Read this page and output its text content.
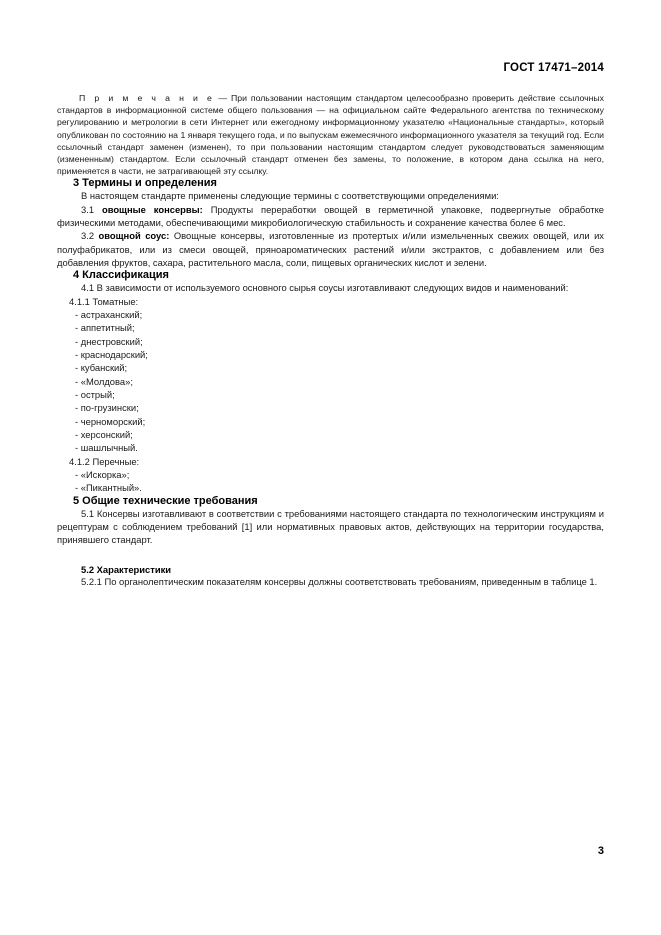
ГОСТ 17471–2014

П р и м е ч а н и е — При пользовании настоящим стандартом целесообразно проверить действие ссылочных стандартов в информационной системе общего пользования — на официальном сайте Федерального агентства по техническому регулированию и метрологии в сети Интернет или ежегодному информационному указателю «Национальные стандарты», который опубликован по состоянию на 1 января текущего года, и по выпускам ежемесячного информационного указателя за текущий год. Если ссылочный стандарт заменен (изменен), то при пользовании настоящим стандартом следует руководствоваться заменяющим (измененным) стандартом. Если ссылочный стандарт отменен без замены, то положение, в котором дана ссылка на него, применяется в части, не затрагивающей эту ссылку.

3 Термины и определения

В настоящем стандарте применены следующие термины с соответствующими определениями:

3.1 овощные консервы: Продукты переработки овощей в герметичной упаковке, подвергнутые обработке физическими методами, обеспечивающими микробиологическую стабильность и сохранение качества более 6 мес.

3.2 овощной соус: Овощные консервы, изготовленные из протертых и/или измельченных свежих овощей, или их полуфабрикатов, или из смеси овощей, пряноароматических растений и/или экстрактов, с добавлением или без добавления фруктов, сахара, растительного масла, соли, пищевых органических кислот и зелени.

4 Классификация

4.1 В зависимости от используемого основного сырья соусы изготавливают следующих видов и наименований:

4.1.1 Томатные:
- астраханский;
- аппетитный;
- днестровский;
- краснодарский;
- кубанский;
- «Молдова»;
- острый;
- по-грузински;
- черноморский;
- херсонский;
- шашлычный.
4.1.2 Перечные:
- «Искорка»;
- «Пикантный».
5 Общие технические требования

5.1 Консервы изготавливают в соответствии с требованиями настоящего стандарта по технологическим инструкциям и рецептурам с соблюдением требований [1] или нормативных правовых актов, действующих на территории государства, принявшего стандарт.

5.2 Характеристики

5.2.1 По органолептическим показателям консервы должны соответствовать требованиям, приведенным в таблице 1.

3
